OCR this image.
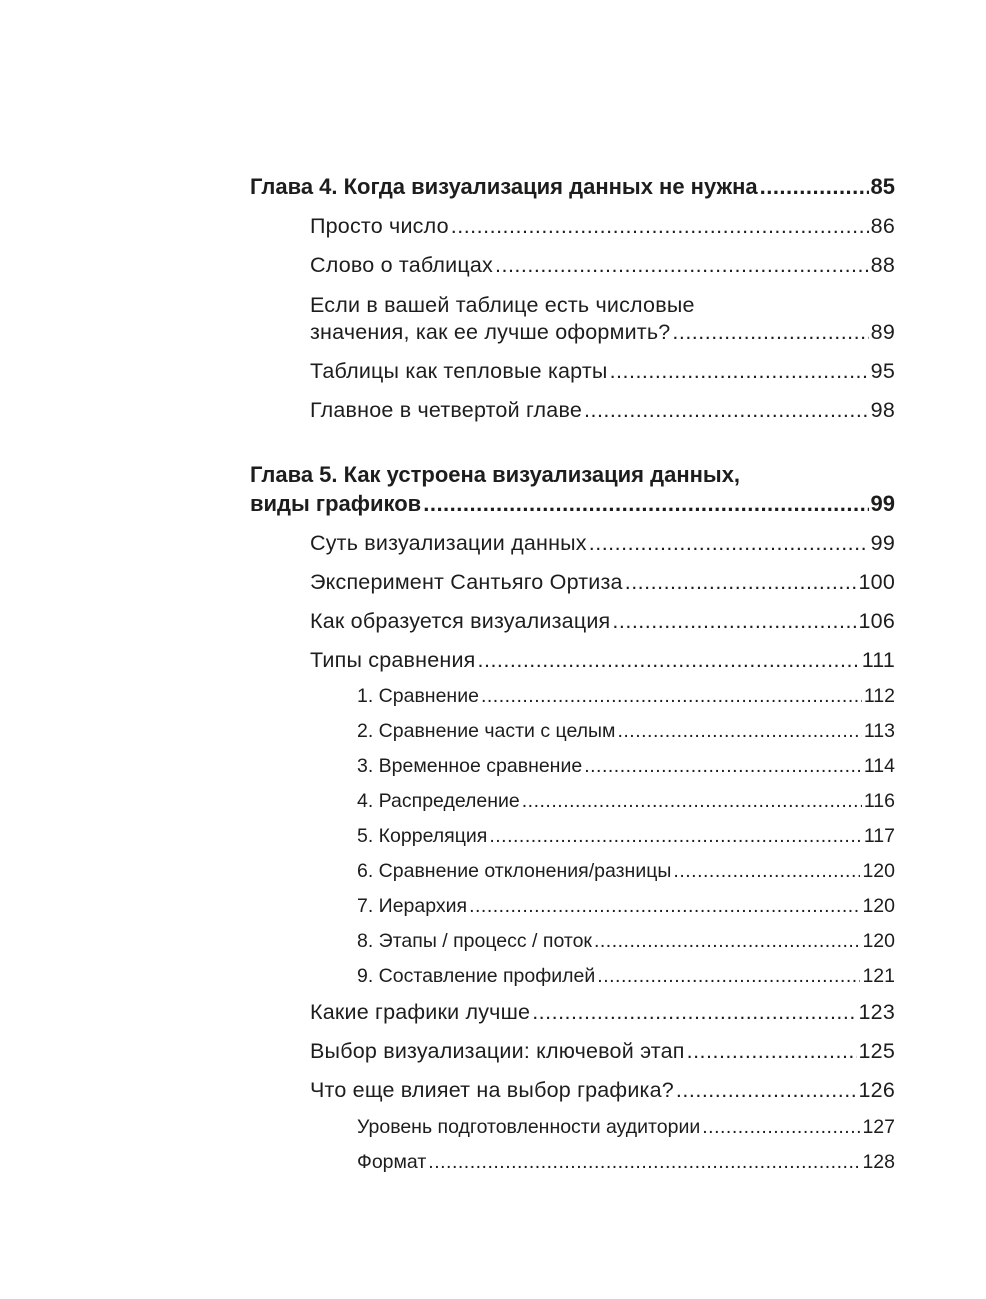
Глава 4. Когда визуализация данных не нужна .....	85
Просто число .....	86
Слово о таблицах .....	88
Если в вашей таблице есть числовые
значения, как ее лучше оформить? .....	89
Таблицы как тепловые карты .....	95
Главное в четвертой главе .....	98
Глава 5. Как устроена визуализация данных,
виды графиков .....	99
Суть визуализации данных .....	99
Эксперимент Сантьяго Ортиза .....	100
Как образуется визуализация .....	106
Типы сравнения .....	111
1. Сравнение .....	112
2. Сравнение части с целым .....	113
3. Временное сравнение .....	114
4. Распределение .....	116
5. Корреляция .....	117
6. Сравнение отклонения/разницы .....	120
7. Иерархия .....	120
8. Этапы / процесс / поток .....	120
9. Составление профилей .....	121
Какие графики лучше .....	123
Выбор визуализации: ключевой этап .....	125
Что еще влияет на выбор графика? .....	126
Уровень подготовленности аудитории .....	127
Формат .....	128
